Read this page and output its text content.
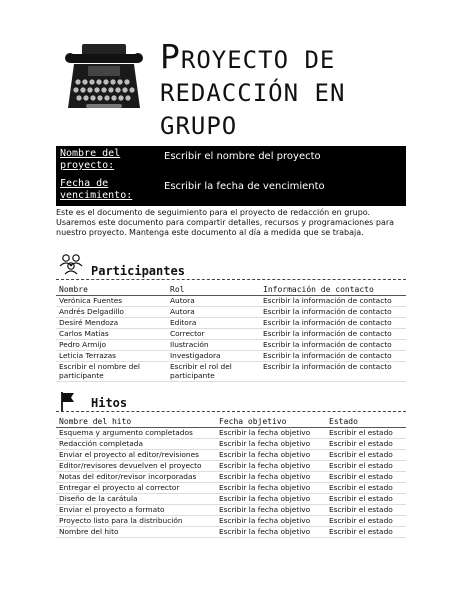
PROYECTO DE
REDACCIÓN EN
GRUPO
Nombre del proyecto:
Escribir el nombre del proyecto
Fecha de vencimiento:
Escribir la fecha de vencimiento

Este es el documento de seguimiento para el proyecto de redacción en grupo. Usaremos este documento para compartir detalles, recursos y programaciones para nuestro proyecto. Mantenga este documento al día a medida que se trabaja.

Participantes
Nombre	Rol	Información de contacto
Verónica Fuentes	Autora	Escribir la información de contacto
Andrés Delgadillo	Autora	Escribir la información de contacto
Desiré Mendoza	Editora	Escribir la información de contacto
Carlos Matías	Corrector	Escribir la información de contacto
Pedro Armijo	Ilustración	Escribir la información de contacto
Leticia Terrazas	Investigadora	Escribir la información de contacto
Escribir el nombre del participante	Escribir el rol del participante	Escribir la información de contacto
Hitos
Nombre del hito	Fecha objetivo	Estado
Esquema y argumento completados	Escribir la fecha objetivo	Escribir el estado
Redacción completada	Escribir la fecha objetivo	Escribir el estado
Enviar el proyecto al editor/revisiones	Escribir la fecha objetivo	Escribir el estado
Editor/revisores devuelven el proyecto	Escribir la fecha objetivo	Escribir el estado
Notas del editor/revisor incorporadas	Escribir la fecha objetivo	Escribir el estado
Entregar el proyecto al corrector	Escribir la fecha objetivo	Escribir el estado
Diseño de la carátula	Escribir la fecha objetivo	Escribir el estado
Enviar el proyecto a formato	Escribir la fecha objetivo	Escribir el estado
Proyecto listo para la distribución	Escribir la fecha objetivo	Escribir el estado
Nombre del hito	Escribir la fecha objetivo	Escribir el estado
